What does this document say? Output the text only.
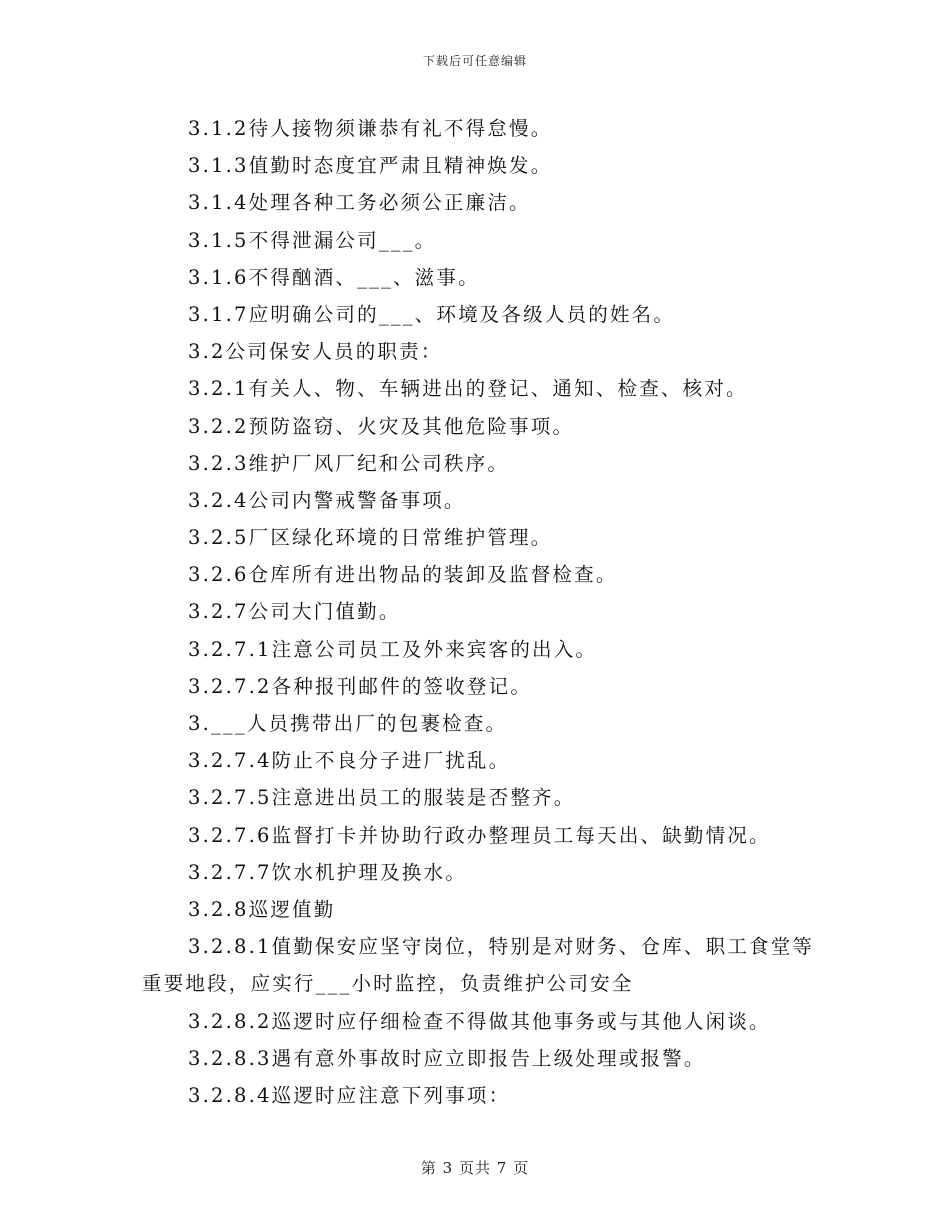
下载后可任意编辑
3.1.2待人接物须谦恭有礼不得怠慢。
3.1.3值勤时态度宜严肃且精神焕发。
3.1.4处理各种工务必须公正廉洁。
3.1.5不得泄漏公司___。
3.1.6不得酗酒、___、滋事。
3.1.7应明确公司的___、环境及各级人员的姓名。
3.2公司保安人员的职责：
3.2.1有关人、物、车辆进出的登记、通知、检查、核对。
3.2.2预防盗窃、火灾及其他危险事项。
3.2.3维护厂风厂纪和公司秩序。
3.2.4公司内警戒警备事项。
3.2.5厂区绿化环境的日常维护管理。
3.2.6仓库所有进出物品的装卸及监督检查。
3.2.7公司大门值勤。
3.2.7.1注意公司员工及外来宾客的出入。
3.2.7.2各种报刊邮件的签收登记。
3.___人员携带出厂的包裹检查。
3.2.7.4防止不良分子进厂扰乱。
3.2.7.5注意进出员工的服装是否整齐。
3.2.7.6监督打卡并协助行政办整理员工每天出、缺勤情况。
3.2.7.7饮水机护理及换水。
3.2.8巡逻值勤
3.2.8.1值勤保安应坚守岗位，特别是对财务、仓库、职工食堂等
重要地段，应实行___小时监控，负责维护公司安全
3.2.8.2巡逻时应仔细检查不得做其他事务或与其他人闲谈。
3.2.8.3遇有意外事故时应立即报告上级处理或报警。
3.2.8.4巡逻时应注意下列事项：
第 3 页共 7 页
